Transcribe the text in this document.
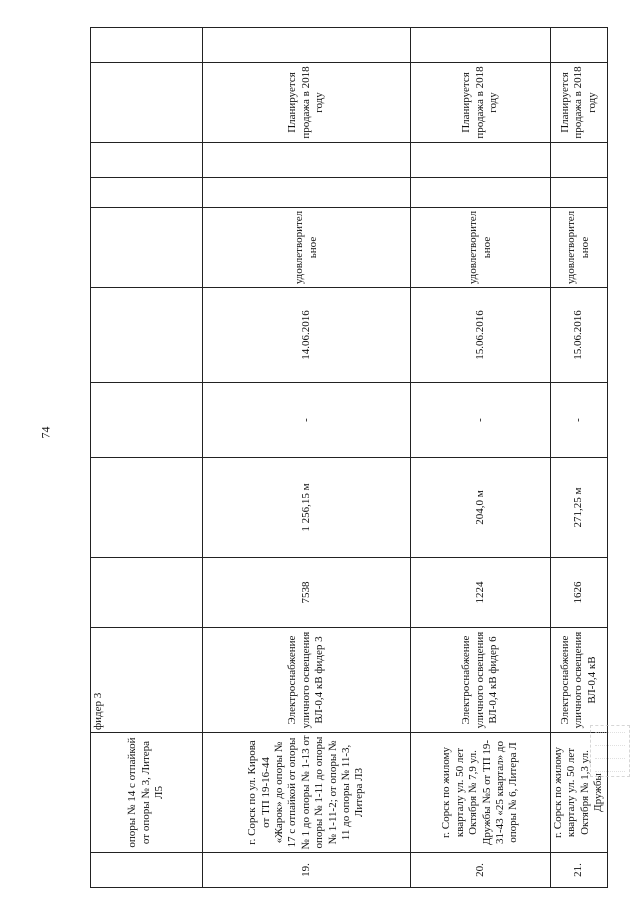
74
	опоры № 14 с отпайкой от опоры № 3, Литера Л5	фидер 3									
19.	г. Сорск по ул. Кирова от ТП 19-16-44 «Жарок» до опоры № 17 с отпайкой от опоры № 1 до опоры № 1-13 от опоры № 1-11 до опоры № 1-11-2; от опоры № 11 до опоры № 11-3, Литера Л3	Электроснабжение уличного освещения ВЛ-0,4 кВ фидер 3	7538	1 256,15 м	-	14.06.2016	удовлетворительное			Планируется продажа в 2018 году	
20.	г. Сорск по жилому кварталу ул. 50 лет Октября № 7,9 ул. Дружбы №5 от ТП 19-31-43 «25 квартал» до опоры № 6, Литера Л	Электроснабжение уличного освещения ВЛ-0,4 кВ фидер 6	1224	204,0 м	-	15.06.2016	удовлетворительное			Планируется продажа в 2018 году	
21.	г. Сорск по жилому кварталу ул. 50 лет Октября № 1,3 ул. Дружбы	Электроснабжение уличного освещения ВЛ-0,4 кВ	1626	271,25 м	-	15.06.2016	удовлетворительное			Планируется продажа в 2018 году	
